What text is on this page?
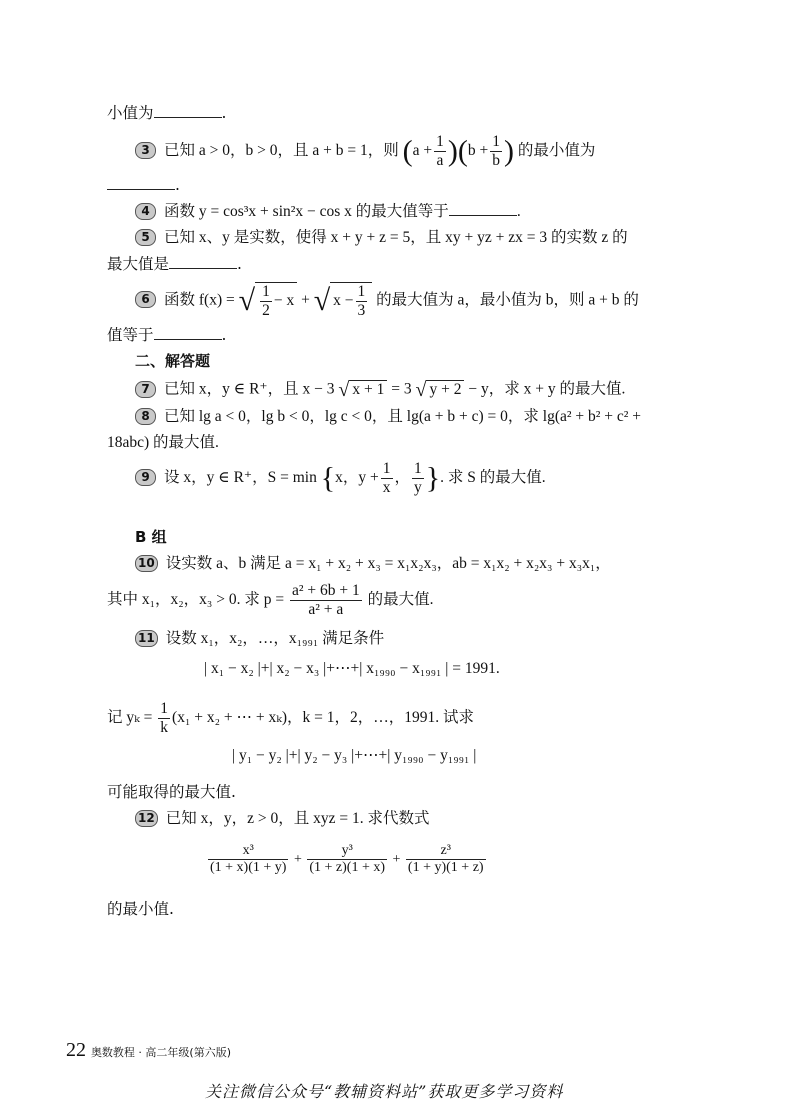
小值为	.
3 已知 a > 0，b > 0，且 a + b = 1，则 $(a + \frac{1}{a} )(b + \frac{1}{b}$ ) 的最小值为
.
4 函数 y = cos³x + sin²x − cos x 的最大值等于	.
5 已知 x、y 是实数，使得 x + y + z = 5，且 xy + yz + zx = 3 的实数 z 的
最大值是	.
6 函数 f(x) = √ $\frac{1}{2} - x$ + √ $x - \frac{1}{3}$ 的最大值为 a，最小值为 b，则 a + b 的
值等于	.
二、解答题
7 已知 x，y ∈ R⁺，且 x − 3 √ x + 1 = 3 √ y + 2 − y，求 x + y 的最大值.
8 已知 lg a < 0，lg b < 0，lg c < 0，且 lg(a + b + c) = 0，求 lg(a² + b² + c² +
18abc) 的最大值.
9 设 x，y ∈ R⁺，S = min {x，$y + \frac{1}{x}$ ， $\frac{1}{y}$ }. 求 S 的最大值.
B 组
10 设实数 a、b 满足 a = x₁ + x₂ + x₃ = x₁x₂x₃，ab = x₁x₂ + x₂x₃ + x₃x₁，
其中 x₁，x₂，x₃ > 0. 求 $p = \frac{\text{a² + 6b + 1}}{\text{a² + a}}$ 的最大值.
11 设数 x₁，x₂，…，x₁₉₉₁ 满足条件
| x₁ − x₂ |+| x₂ − x₃ |+⋯+| x₁₉₉₀ − x₁₉₉₁ | = 1991.
记 $y_k = \frac{1}{k} (x_1 + x_2$ + ⋯ + xₖ)，k = 1，2，…，1991. 试求
| y₁ − y₂ |+| y₂ − y₃ |+⋯+| y₁₉₉₀ − y₁₉₉₁ |
可能取得的最大值.
12 已知 x，y，z > 0，且 xyz = 1. 求代数式
$\frac{\text{x³}}{(1 + x)(1 + y)} + \frac{\text{y³}}{(1 + z)(1 + x)} + \frac{\text{z³}}{(1 + y)(1 + z)}$
的最小值.
22 奥数教程 · 高二年级(第六版)
关注微信公众号“教辅资料站”获取更多学习资料
